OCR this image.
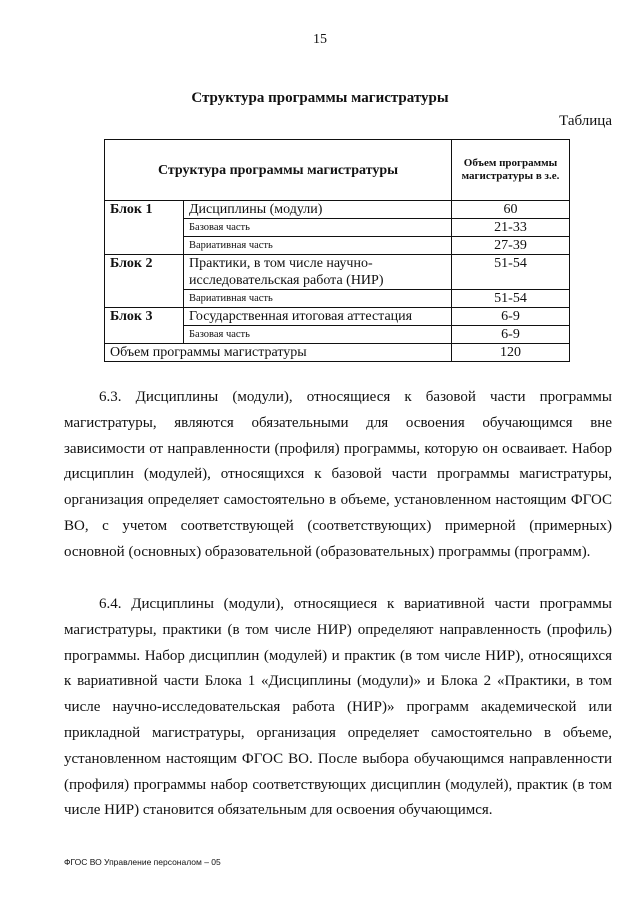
15
Структура программы магистратуры
Таблица
Структура программы магистратуры		Объем программы магистратуры в з.е.
Блок 1	Дисциплины (модули)	60
	Базовая часть	21-33
	Вариативная часть	27-39
Блок 2	Практики, в том числе научно-исследовательская работа (НИР)	51-54
	Вариативная часть	51-54
Блок 3	Государственная итоговая аттестация	6-9
	Базовая часть	6-9
Объем программы магистратуры		120

6.3. Дисциплины (модули), относящиеся к базовой части программы магистратуры, являются обязательными для освоения обучающимся вне зависимости от направленности (профиля) программы, которую он осваивает. Набор дисциплин (модулей), относящихся к базовой части программы магистратуры, организация определяет самостоятельно в объеме, установленном настоящим ФГОС ВО, с учетом соответствующей (соответствующих) примерной (примерных) основной (основных) образовательной (образовательных) программы (программ).

6.4. Дисциплины (модули), относящиеся к вариативной части программы магистратуры, практики (в том числе НИР) определяют направленность (профиль) программы. Набор дисциплин (модулей) и практик (в том числе НИР), относящихся к вариативной части Блока 1 «Дисциплины (модули)» и Блока 2 «Практики, в том числе научно-исследовательская работа (НИР)» программ академической или прикладной магистратуры, организация определяет самостоятельно в объеме, установленном настоящим ФГОС ВО. После выбора обучающимся направленности (профиля) программы набор соответствующих дисциплин (модулей), практик (в том числе НИР) становится обязательным для освоения обучающимся.

ФГОС ВО Управление персоналом – 05
